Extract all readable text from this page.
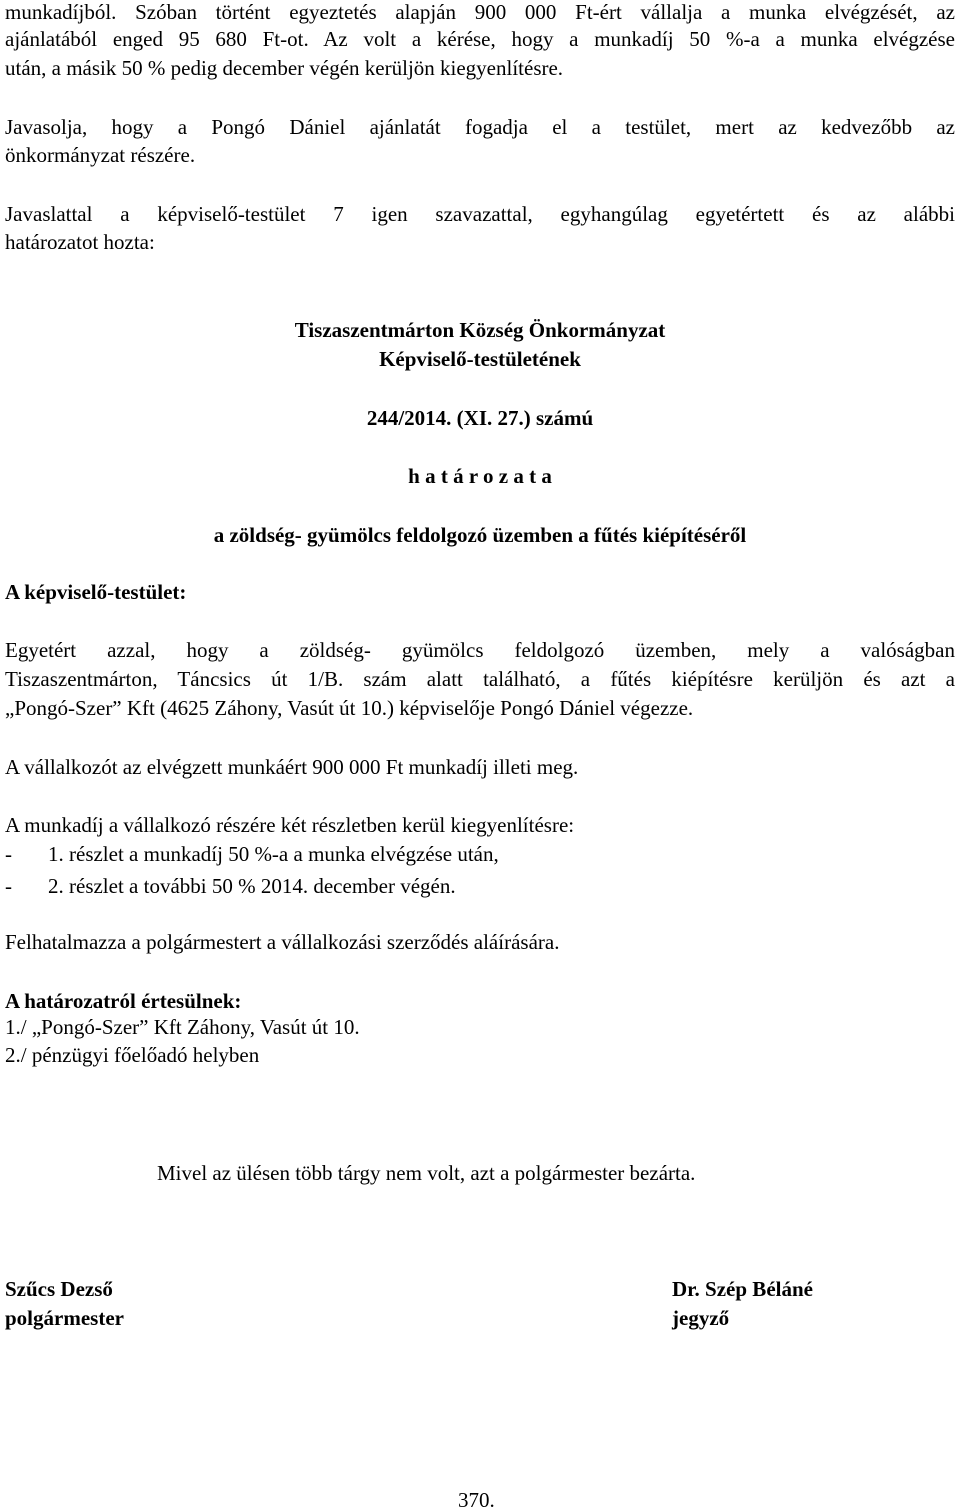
munkadíjból. Szóban történt egyeztetés alapján 900 000 Ft-ért vállalja a munka elvégzését, az
ajánlatából enged 95 680 Ft-ot. Az volt a kérése, hogy a munkadíj 50 %-a a munka elvégzése
után, a másik 50 % pedig december végén kerüljön kiegyenlítésre.
Javasolja, hogy a Pongó Dániel ajánlatát fogadja el a testület, mert az kedvezőbb az
önkormányzat részére.
Javaslattal a képviselő-testület 7 igen szavazattal, egyhangúlag egyetértett és az alábbi
határozatot hozta:
Tiszaszentmárton Község Önkormányzat
Képviselő-testületének
244/2014. (XI. 27.) számú
h a t á r o z a t a
a zöldség- gyümölcs feldolgozó üzemben a fűtés kiépítéséről
A képviselő-testület:
Egyetért azzal, hogy a zöldség- gyümölcs feldolgozó üzemben, mely a valóságban
Tiszaszentmárton, Táncsics út 1/B. szám alatt található, a fűtés kiépítésre kerüljön és azt a
„Pongó-Szer” Kft (4625 Záhony, Vasút út 10.) képviselője Pongó Dániel végezze.
A vállalkozót az elvégzett munkáért 900 000 Ft munkadíj illeti meg.
A munkadíj a vállalkozó részére két részletben kerül kiegyenlítésre:
- 1. részlet a munkadíj 50 %-a a munka elvégzése után,
- 2. részlet a további 50 % 2014. december végén.
Felhatalmazza a polgármestert a vállalkozási szerződés aláírására.
A határozatról értesülnek:
1./ „Pongó-Szer” Kft Záhony, Vasút út 10.
2./ pénzügyi főelőadó helyben
Mivel az ülésen több tárgy nem volt, azt a polgármester bezárta.
Szűcs Dezső
polgármester
Dr. Szép Béláné
jegyző
370.
